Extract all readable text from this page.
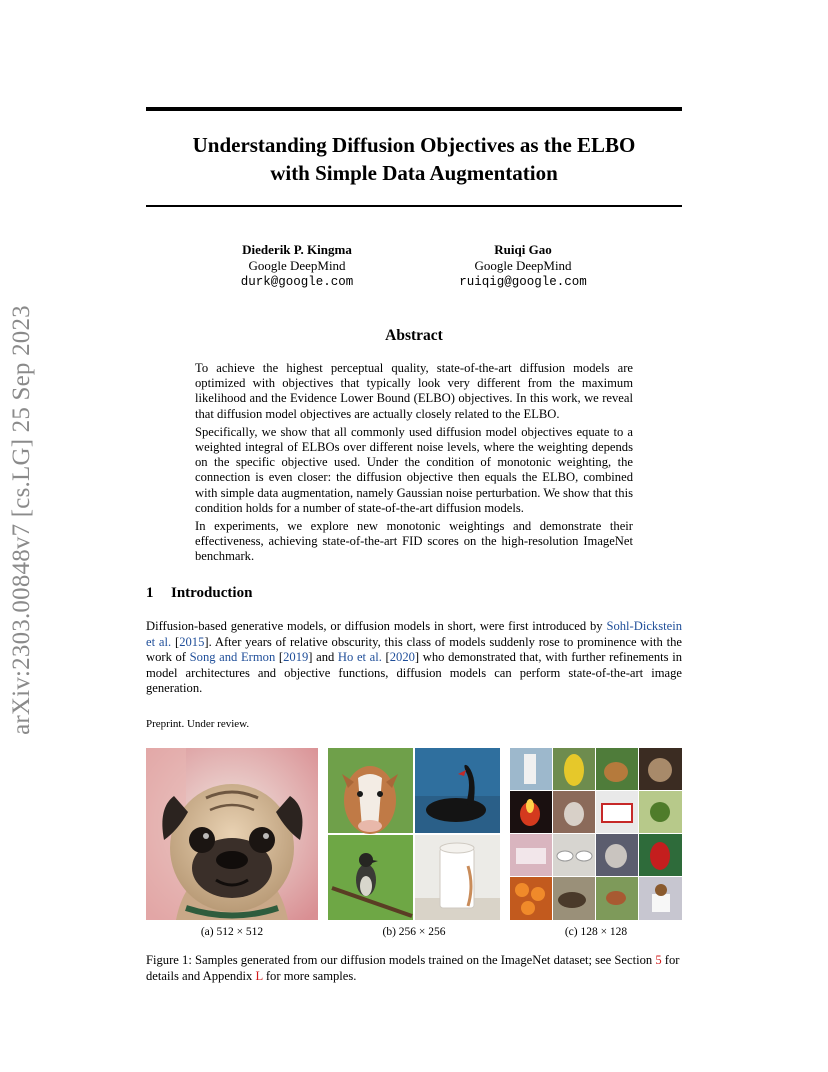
arXiv:2303.00848v7 [cs.LG] 25 Sep 2023
Understanding Diffusion Objectives as the ELBO
with Simple Data Augmentation
Diederik P. Kingma
Google DeepMind
durk@google.com
Ruiqi Gao
Google DeepMind
ruiqig@google.com
Abstract

To achieve the highest perceptual quality, state-of-the-art diffusion models are optimized with objectives that typically look very different from the maximum likelihood and the Evidence Lower Bound (ELBO) objectives. In this work, we reveal that diffusion model objectives are actually closely related to the ELBO.

Specifically, we show that all commonly used diffusion model objectives equate to a weighted integral of ELBOs over different noise levels, where the weighting depends on the specific objective used. Under the condition of monotonic weighting, the connection is even closer: the diffusion objective then equals the ELBO, combined with simple data augmentation, namely Gaussian noise perturbation. We show that this condition holds for a number of state-of-the-art diffusion models.

In experiments, we explore new monotonic weightings and demonstrate their effectiveness, achieving state-of-the-art FID scores on the high-resolution ImageNet benchmark.

1 Introduction

Diffusion-based generative models, or diffusion models in short, were first introduced by Sohl-Dickstein et al. [2015]. After years of relative obscurity, this class of models suddenly rose to prominence with the work of Song and Ermon [2019] and Ho et al. [2020] who demonstrated that, with further refinements in model architectures and objective functions, diffusion models can perform state-of-the-art image generation.

Preprint. Under review.
(a) 512 × 512	(b) 256 × 256	(c) 128 × 128

Figure 1: Samples generated from our diffusion models trained on the ImageNet dataset; see Section 5 for details and Appendix L for more samples.
